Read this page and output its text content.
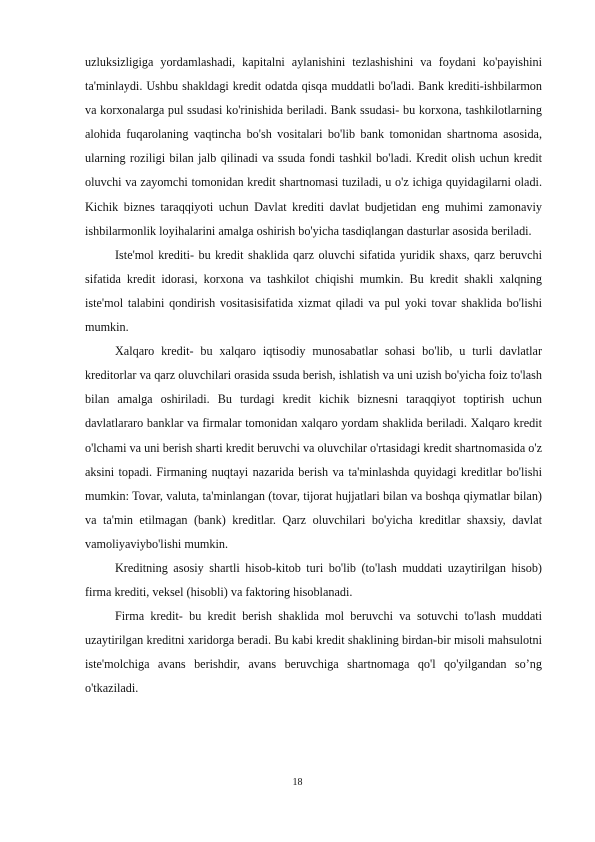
uzluksizligiga yordamlashadi, kapitalni aylanishini tezlashishini va foydani ko'payishini ta'minlaydi. Ushbu shakldagi kredit odatda qisqa muddatli bo'ladi. Bank krediti-ishbilarmon va korxonalarga pul ssudasi ko'rinishida beriladi. Bank ssudasi- bu korxona, tashkilotlarning alohida fuqarolaning vaqtincha bo'sh vositalari bo'lib bank tomonidan shartnoma asosida, ularning roziligi bilan jalb qilinadi va ssuda fondi tashkil bo'ladi. Kredit olish uchun kredit oluvchi va zayomchi tomonidan kredit shartnomasi tuziladi, u o'z ichiga quyidagilarni oladi. Kichik biznes taraqqiyoti uchun Davlat krediti davlat budjetidan eng muhimi zamonaviy ishbilarmonlik loyihalarini amalga oshirish bo'yicha tasdiqlangan dasturlar asosida beriladi.

Iste'mol krediti- bu kredit shaklida qarz oluvchi sifatida yuridik shaxs, qarz beruvchi sifatida kredit idorasi, korxona va tashkilot chiqishi mumkin. Bu kredit shakli xalqning iste'mol talabini qondirish vositasisifatida xizmat qiladi va pul yoki tovar shaklida bo'lishi mumkin.

Xalqaro kredit- bu xalqaro iqtisodiy munosabatlar sohasi bo'lib, u turli davlatlar kreditorlar va qarz oluvchilari orasida ssuda berish, ishlatish va uni uzish bo'yicha foiz to'lash bilan amalga oshiriladi. Bu turdagi kredit kichik biznesni taraqqiyot toptirish uchun davlatlararo banklar va firmalar tomonidan xalqaro yordam shaklida beriladi. Xalqaro kredit o'lchami va uni berish sharti kredit beruvchi va oluvchilar o'rtasidagi kredit shartnomasida o'z aksini topadi. Firmaning nuqtayi nazarida berish va ta'minlashda quyidagi kreditlar bo'lishi mumkin: Tovar, valuta, ta'minlangan (tovar, tijorat hujjatlari bilan va boshqa qiymatlar bilan) va ta'min etilmagan (bank) kreditlar. Qarz oluvchilari bo'yicha kreditlar shaxsiy, davlat vamoliyaviybo'lishi mumkin.

Kreditning asosiy shartli hisob-kitob turi bo'lib (to'lash muddati uzaytirilgan hisob) firma krediti, veksel (hisobli) va faktoring hisoblanadi.

Firma kredit- bu kredit berish shaklida mol beruvchi va sotuvchi to'lash muddati uzaytirilgan kreditni xaridorga beradi. Bu kabi kredit shaklining birdan-bir misoli mahsulotni iste'molchiga avans berishdir, avans beruvchiga shartnomaga qo'l qo'yilgandan so’ng o'tkaziladi.

18
